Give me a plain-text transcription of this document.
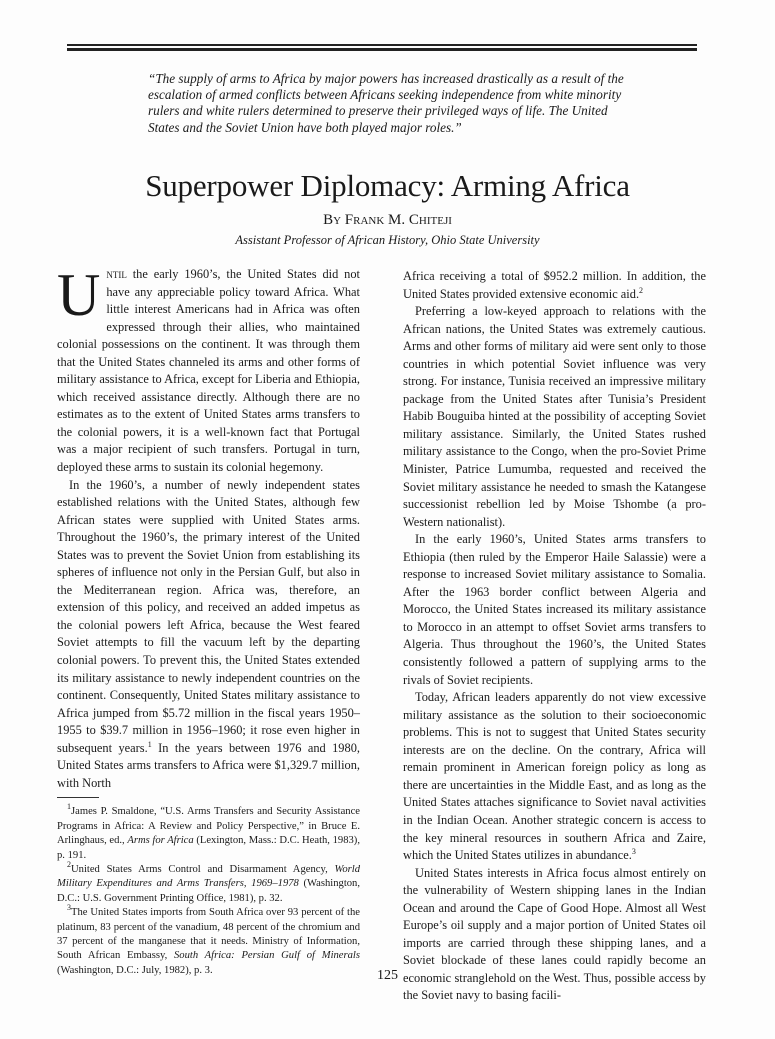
“The supply of arms to Africa by major powers has increased drastically as a result of the escalation of armed conflicts between Africans seeking independence from white minority rulers and white rulers determined to preserve their privileged ways of life. The United States and the Soviet Union have both played major roles.”

Superpower Diplomacy: Arming Africa
By Frank M. Chiteji
Assistant Professor of African History, Ohio State University

Until the early 1960’s, the United States did not have any appreciable policy toward Africa. What little interest Americans had in Africa was often expressed through their allies, who maintained colonial possessions on the continent. It was through them that the United States channeled its arms and other forms of military assistance to Africa, except for Liberia and Ethiopia, which received assistance directly. Although there are no estimates as to the extent of United States arms transfers to the colonial powers, it is a well-known fact that Portugal was a major recipient of such transfers. Portugal in turn, deployed these arms to sustain its colonial hegemony.

In the 1960’s, a number of newly independent states established relations with the United States, although few African states were supplied with United States arms. Throughout the 1960’s, the primary interest of the United States was to prevent the Soviet Union from establishing its spheres of influence not only in the Persian Gulf, but also in the Mediterranean region. Africa was, therefore, an extension of this policy, and received an added impetus as the colonial powers left Africa, because the West feared Soviet attempts to fill the vacuum left by the departing colonial powers. To prevent this, the United States extended its military assistance to newly independent countries on the continent. Consequently, United States military assistance to Africa jumped from $5.72 million in the fiscal years 1950–1955 to $39.7 million in 1956–1960; it rose even higher in subsequent years.$^1$ In the years between 1976 and 1980, United States arms transfers to Africa were $1,329.7 million, with North

$^1$James P. Smaldone, “U.S. Arms Transfers and Security Assistance Programs in Africa: A Review and Policy Perspective,” in Bruce E. Arlinghaus, ed., Arms for Africa (Lexington, Mass.: D.C. Heath, 1983), p. 191.

$^2$United States Arms Control and Disarmament Agency, World Military Expenditures and Arms Transfers, 1969–1978 (Washington, D.C.: U.S. Government Printing Office, 1981), p. 32.

$^3$The United States imports from South Africa over 93 percent of the platinum, 83 percent of the vanadium, 48 percent of the chromium and 37 percent of the manganese that it needs. Ministry of Information, South African Embassy, South Africa: Persian Gulf of Minerals (Washington, D.C.: July, 1982), p. 3.

Africa receiving a total of $952.2 million. In addition, the United States provided extensive economic aid.$^2$

Preferring a low-keyed approach to relations with the African nations, the United States was extremely cautious. Arms and other forms of military aid were sent only to those countries in which potential Soviet influence was very strong. For instance, Tunisia received an impressive military package from the United States after Tunisia’s President Habib Bouguiba hinted at the possibility of accepting Soviet military assistance. Similarly, the United States rushed military assistance to the Congo, when the pro-Soviet Prime Minister, Patrice Lumumba, requested and received the Soviet military assistance he needed to smash the Katangese successionist rebellion led by Moise Tshombe (a pro-Western nationalist).

In the early 1960’s, United States arms transfers to Ethiopia (then ruled by the Emperor Haile Salassie) were a response to increased Soviet military assistance to Somalia. After the 1963 border conflict between Algeria and Morocco, the United States increased its military assistance to Morocco in an attempt to offset Soviet arms transfers to Algeria. Thus throughout the 1960’s, the United States consistently followed a pattern of supplying arms to the rivals of Soviet recipients.

Today, African leaders apparently do not view excessive military assistance as the solution to their socioeconomic problems. This is not to suggest that United States security interests are on the decline. On the contrary, Africa will remain prominent in American foreign policy as long as there are uncertainties in the Middle East, and as long as the United States attaches significance to Soviet naval activities in the Indian Ocean. Another strategic concern is access to the key mineral resources in southern Africa and Zaire, which the United States utilizes in abundance.$^3$

United States interests in Africa focus almost entirely on the vulnerability of Western shipping lanes in the Indian Ocean and around the Cape of Good Hope. Almost all West Europe’s oil supply and a major portion of United States oil imports are carried through these shipping lanes, and a Soviet blockade of these lanes could rapidly become an economic stranglehold on the West. Thus, possible access by the Soviet navy to basing facili-

125
